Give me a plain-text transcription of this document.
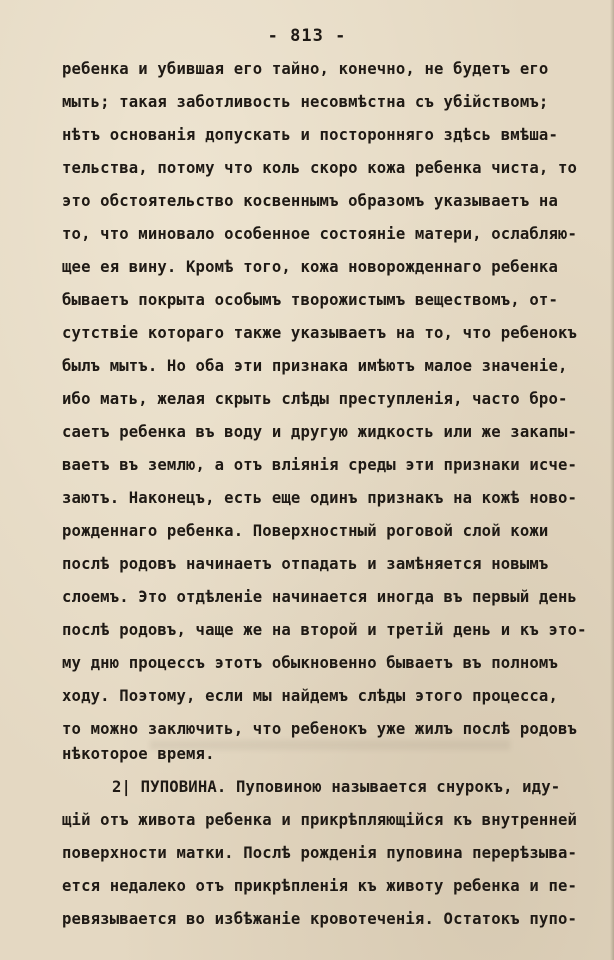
- 813 -
ребенка и убившая его тайно, конечно, не будетъ его
мыть; такая заботливость несовмѣстна съ убійствомъ;
нѣтъ основанія допускать и посторонняго здѣсь вмѣша-
тельства, потому что коль скоро кожа ребенка чиста, то
это обстоятельство косвеннымъ образомъ указываетъ на
то, что миновало особенное состояніе матери, ослабляю-
щее ея вину. Кромѣ того, кожа новорожденнаго ребенка
бываетъ покрыта особымъ творожистымъ веществомъ, от-
сутствіе котораго также указываетъ на то, что ребенокъ
былъ мытъ. Но оба эти признака имѣютъ малое значеніе,
ибо мать, желая скрыть слѣды преступленія, часто бро-
саетъ ребенка въ воду и другую жидкость или же закапы-
ваетъ въ землю, а отъ вліянія среды эти признаки исче-
заютъ. Наконецъ, есть еще одинъ признакъ на кожѣ ново-
рожденнаго ребенка. Поверхностный роговой слой кожи
послѣ родовъ начинаетъ отпадать и замѣняется новымъ
слоемъ. Это отдѣленіе начинается иногда въ первый день
послѣ родовъ, чаще же на второй и третій день и къ это-
му дню процессъ этотъ обыкновенно бываетъ въ полномъ
ходу. Поэтому, если мы найдемъ слѣды этого процесса,
то можно заключить, что ребенокъ уже жилъ послѣ родовъ
нѣкоторое время.
2| ПУПОВИНА. Пуповиною называется снурокъ, иду-
щій отъ живота ребенка и прикрѣпляющійся къ внутренней
поверхности матки. Послѣ рожденія пуповина перерѣзыва-
ется недалеко отъ прикрѣпленія къ животу ребенка и пе-
ревязывается во избѣжаніе кровотеченія. Остатокъ пупо-
